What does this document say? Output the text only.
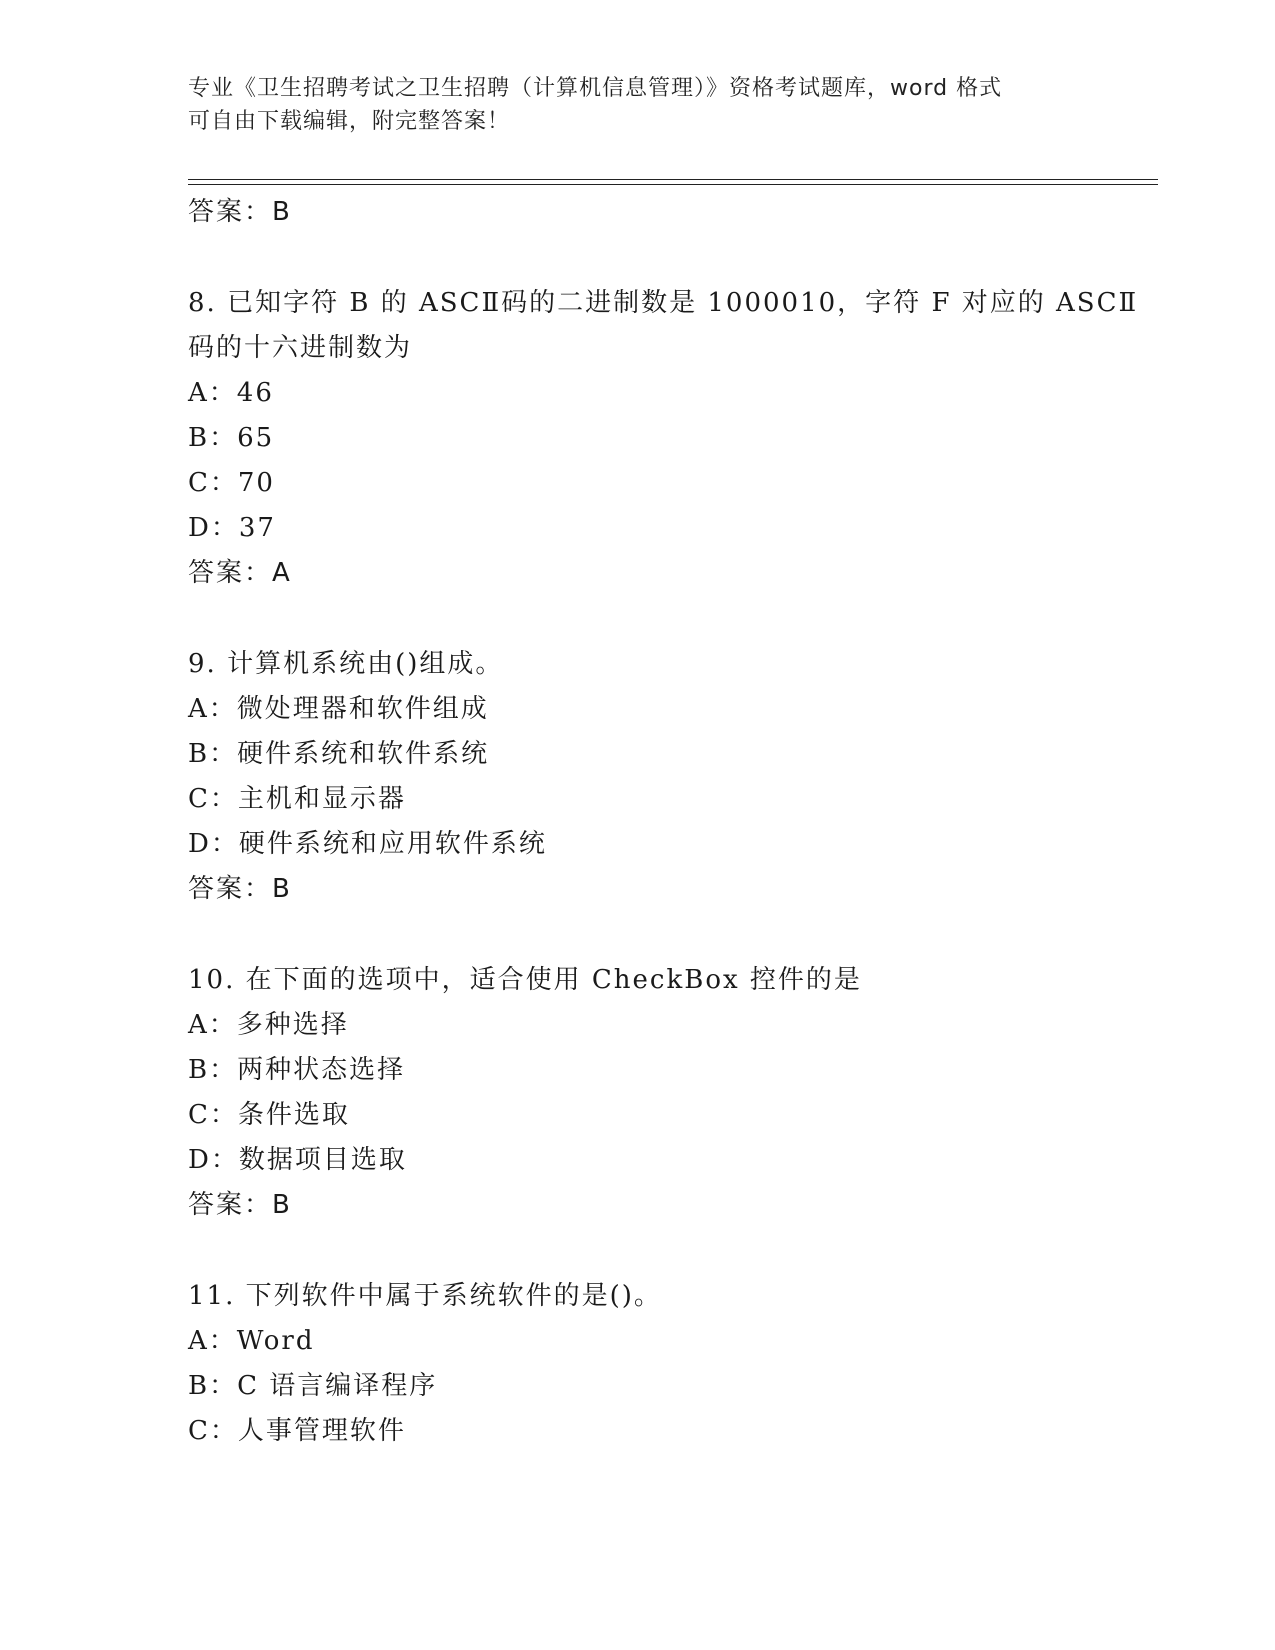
专业《卫生招聘考试之卫生招聘（计算机信息管理）》资格考试题库，word 格式
可自由下载编辑，附完整答案！
答案：B
8. 已知字符 B 的 ASCⅡ码的二进制数是 1000010，字符 F 对应的 ASCⅡ
码的十六进制数为
A：46
B：65
C：70
D：37
答案：A
9. 计算机系统由()组成。
A：微处理器和软件组成
B：硬件系统和软件系统
C：主机和显示器
D：硬件系统和应用软件系统
答案：B
10. 在下面的选项中，适合使用 CheckBox 控件的是
A：多种选择
B：两种状态选择
C：条件选取
D：数据项目选取
答案：B
11. 下列软件中属于系统软件的是()。
A：Word
B：C 语言编译程序
C：人事管理软件
